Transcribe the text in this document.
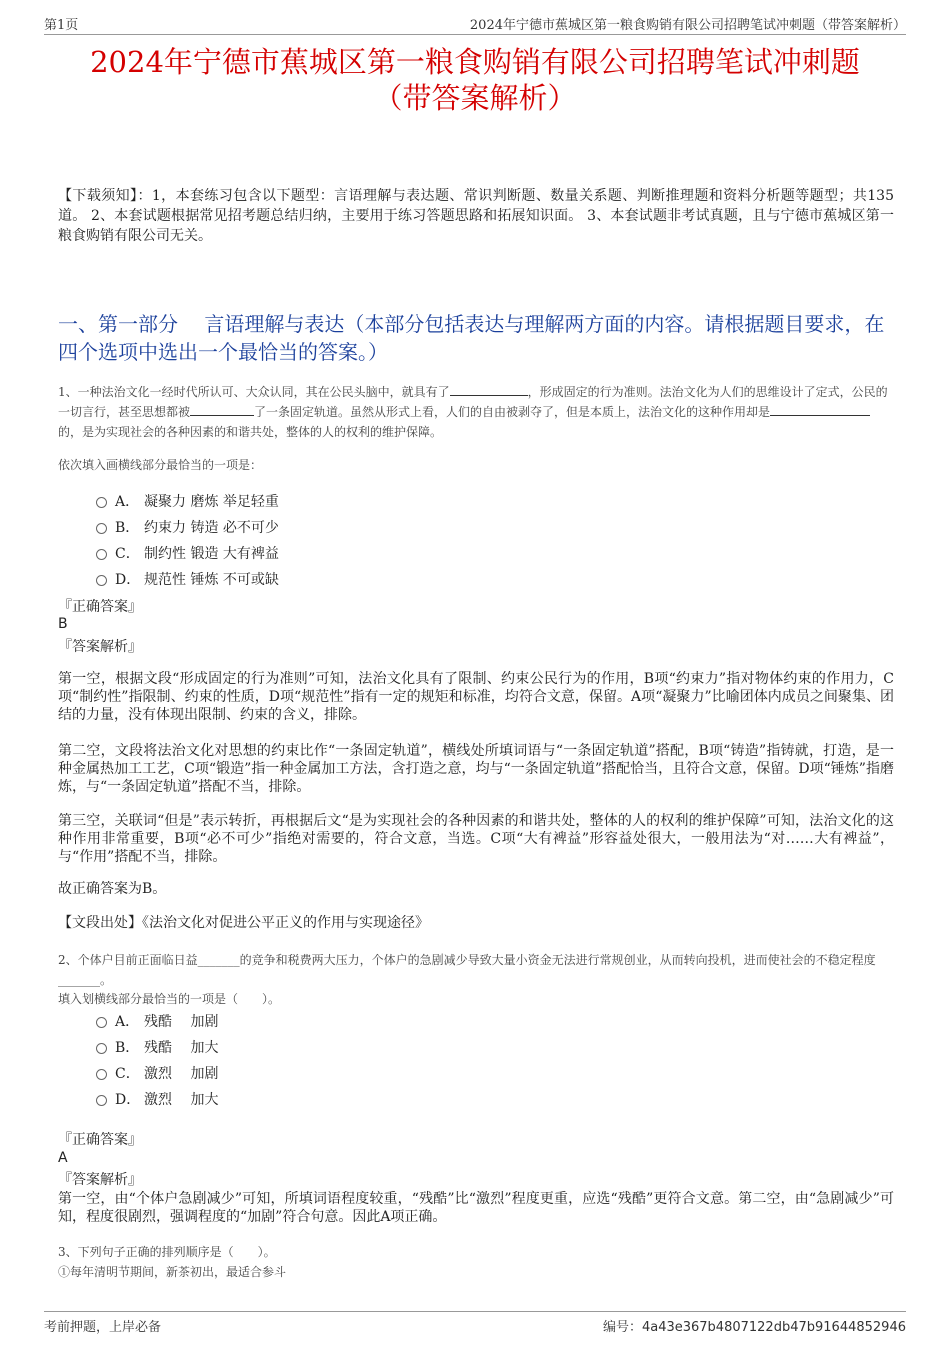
第1页	2024年宁德市蕉城区第一粮食购销有限公司招聘笔试冲刺题（带答案解析）
2024年宁德市蕉城区第一粮食购销有限公司招聘笔试冲刺题
（带答案解析）
【下载须知】：1，本套练习包含以下题型：言语理解与表达题、常识判断题、数量关系题、判断推理题和资料分析题等题型；共135道。 2、本套试题根据常见招考题总结归纳，主要用于练习答题思路和拓展知识面。 3、本套试题非考试真题，且与宁德市蕉城区第一粮食购销有限公司无关。
一、第一部分　 言语理解与表达（本部分包括表达与理解两方面的内容。请根据题目要求，在四个选项中选出一个最恰当的答案。）
1、一种法治文化一经时代所认可、大众认同，其在公民头脑中，就具有了	，形成固定的行为准则。法治文化为人们的思维设计了定式，公民的一切言行，甚至思想都被	了一条固定轨道。虽然从形式上看，人们的自由被剥夺了，但是本质上，法治文化的这种作用却是的，是为实现社会的各种因素的和谐共处，整体的人的权利的维护保障。
依次填入画横线部分最恰当的一项是：
A． 凝聚力 磨炼 举足轻重
B． 约束力 铸造 必不可少
C． 制约性 锻造 大有裨益
D． 规范性 锤炼 不可或缺
『正确答案』
B
『答案解析』
第一空，根据文段“形成固定的行为准则”可知，法治文化具有了限制、约束公民行为的作用，B项“约束力”指对物体约束的作用力，C项“制约性”指限制、约束的性质，D项“规范性”指有一定的规矩和标准，均符合文意，保留。A项“凝聚力”比喻团体内成员之间聚集、团结的力量，没有体现出限制、约束的含义，排除。
第二空，文段将法治文化对思想的约束比作“一条固定轨道”，横线处所填词语与“一条固定轨道”搭配，B项“铸造”指铸就，打造，是一种金属热加工工艺，C项“锻造”指一种金属加工方法，含打造之意，均与“一条固定轨道”搭配恰当，且符合文意，保留。D项“锤炼”指磨炼，与“一条固定轨道”搭配不当，排除。
第三空，关联词“但是”表示转折，再根据后文“是为实现社会的各种因素的和谐共处，整体的人的权利的维护保障”可知，法治文化的这种作用非常重要，B项“必不可少”指绝对需要的，符合文意，当选。C项“大有裨益”形容益处很大，一般用法为“对……大有裨益”，与“作用”搭配不当，排除。
故正确答案为B。
【文段出处】《法治文化对促进公平正义的作用与实现途径》
2、个体户目前正面临日益_______的竞争和税费两大压力，个体户的急剧减少导致大量小资金无法进行常规创业，从而转向投机，进而使社会的不稳定程度_______。
填入划横线部分最恰当的一项是（　　）。
A． 残酷　 加剧
B． 残酷　 加大
C． 激烈　 加剧
D． 激烈　 加大
『正确答案』
A
『答案解析』
第一空，由“个体户急剧减少”可知，所填词语程度较重，“残酷”比“激烈”程度更重，应选“残酷”更符合文意。第二空，由“急剧减少”可知，程度很剧烈，强调程度的“加剧”符合句意。因此A项正确。
3、下列句子正确的排列顺序是（　　）。
①每年清明节期间，新茶初出，最适合参斗
考前押题，上岸必备	编号：4a43e367b4807122db47b91644852946
